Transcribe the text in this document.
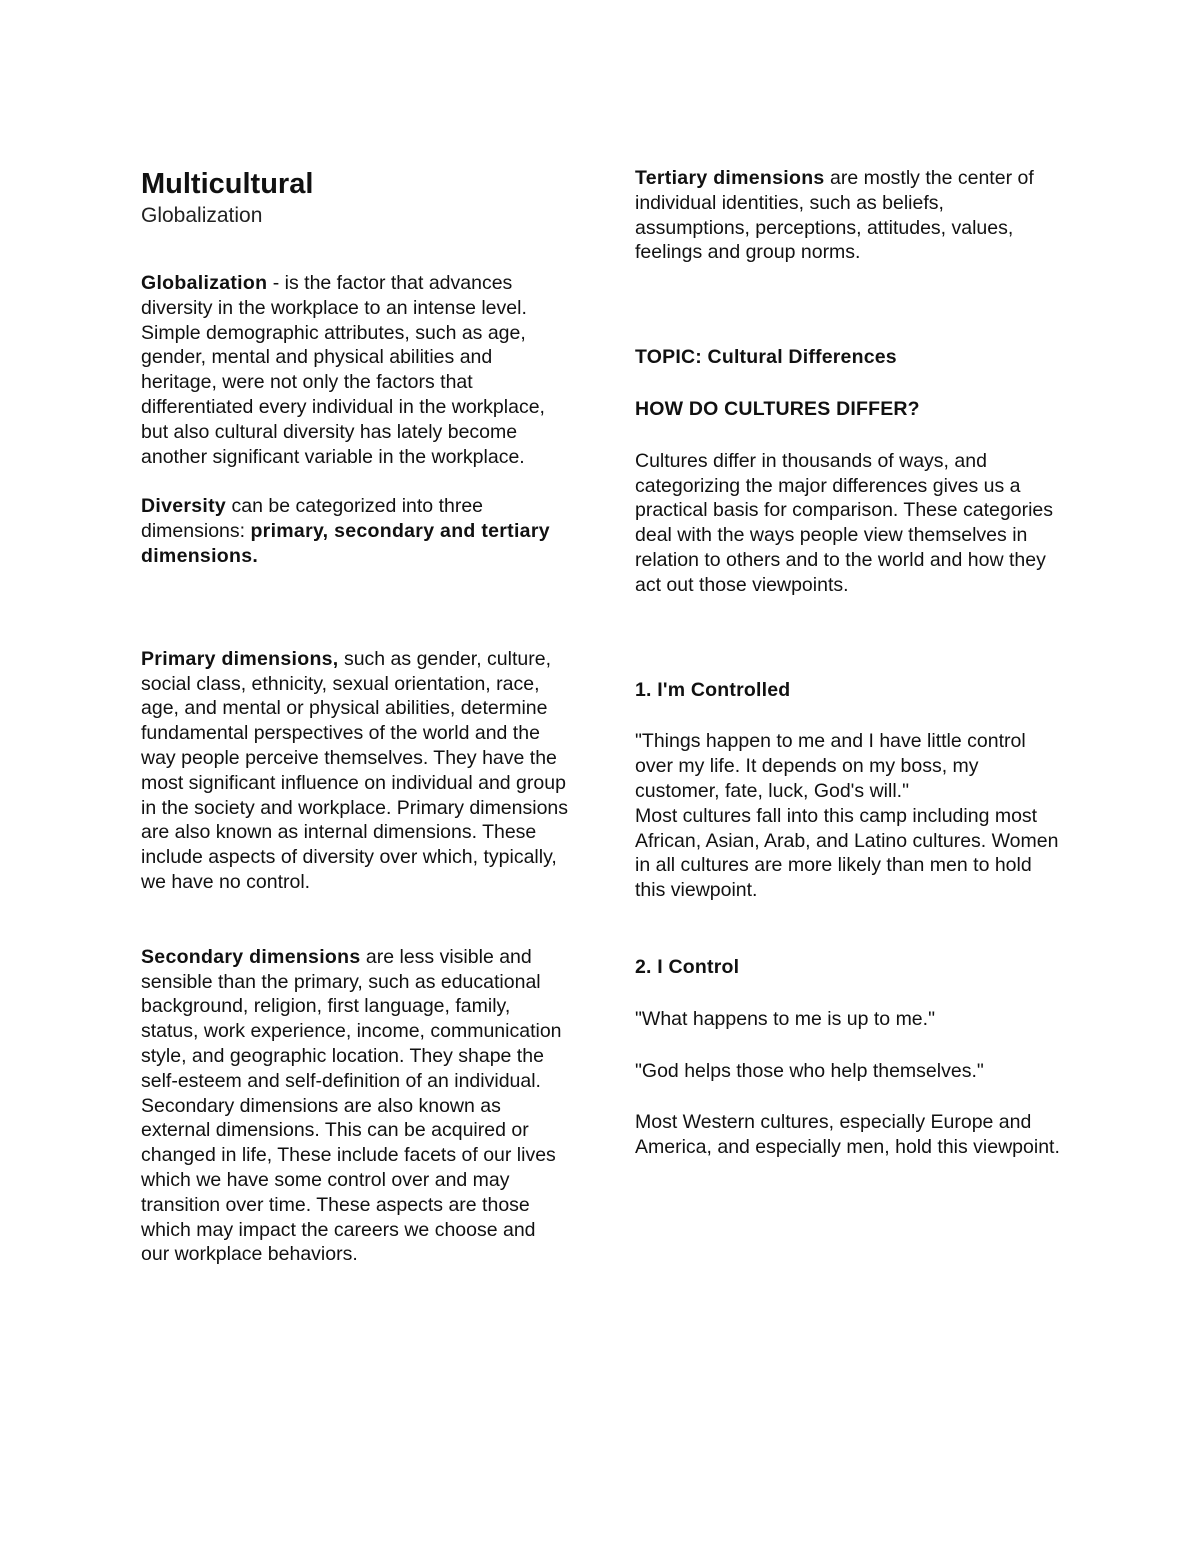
Multicultural
Globalization

Globalization - is the factor that advances diversity in the workplace to an intense level. Simple demographic attributes, such as age, gender, mental and physical abilities and heritage, were not only the factors that differentiated every individual in the workplace, but also cultural diversity has lately become another significant variable in the workplace.

Diversity can be categorized into three dimensions: primary, secondary and tertiary dimensions.

Primary dimensions, such as gender, culture, social class, ethnicity, sexual orientation, race, age, and mental or physical abilities, determine fundamental perspectives of the world and the way people perceive themselves. They have the most significant influence on individual and group in the society and workplace. Primary dimensions are also known as internal dimensions. These include aspects of diversity over which, typically, we have no control.

Secondary dimensions are less visible and sensible than the primary, such as educational background, religion, first language, family, status, work experience, income, communication style, and geographic location. They shape the self-esteem and self-definition of an individual. Secondary dimensions are also known as external dimensions. This can be acquired or changed in life, These include facets of our lives which we have some control over and may transition over time. These aspects are those which may impact the careers we choose and our workplace behaviors.

Tertiary dimensions are mostly the center of individual identities, such as beliefs, assumptions, perceptions, attitudes, values, feelings and group norms.

TOPIC: Cultural Differences

HOW DO CULTURES DIFFER?

Cultures differ in thousands of ways, and categorizing the major differences gives us a practical basis for comparison. These categories deal with the ways people view themselves in relation to others and to the world and how they act out those viewpoints.

1. I'm Controlled

"Things happen to me and I have little control over my life. It depends on my boss, my customer, fate, luck, God's will."

Most cultures fall into this camp including most African, Asian, Arab, and Latino cultures. Women in all cultures are more likely than men to hold this viewpoint.

2. I Control

"What happens to me is up to me."

"God helps those who help themselves."

Most Western cultures, especially Europe and America, and especially men, hold this viewpoint.
